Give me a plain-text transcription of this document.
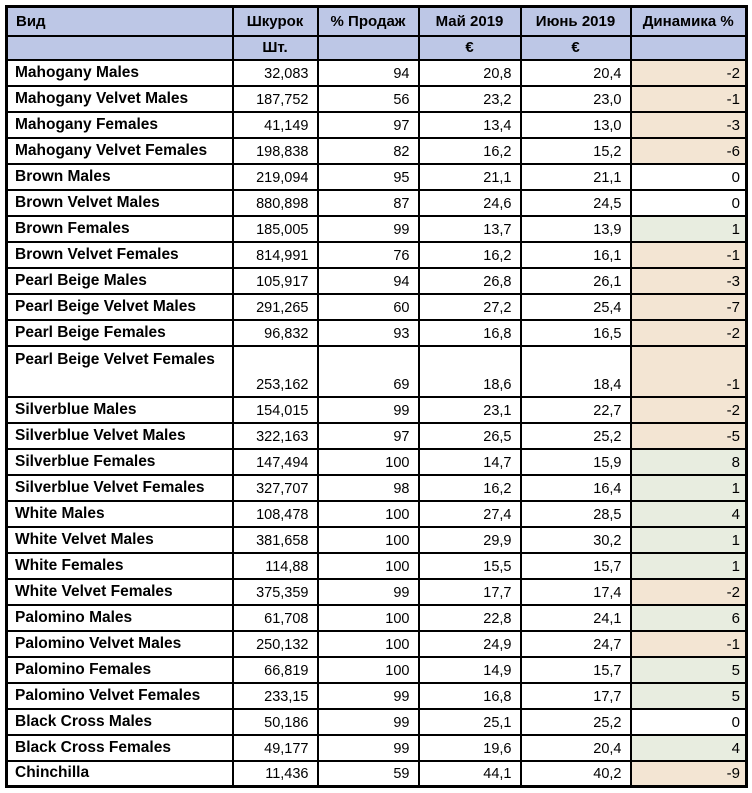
Вид	Шкурок	% Продаж	Май 2019	Июнь 2019	Динамика %
	Шт.		€	€	
Mahogany Males	32,083	94	20,8	20,4	-2
Mahogany Velvet Males	187,752	56	23,2	23,0	-1
Mahogany Females	41,149	97	13,4	13,0	-3
Mahogany Velvet Females	198,838	82	16,2	15,2	-6
Brown Males	219,094	95	21,1	21,1	0
Brown Velvet Males	880,898	87	24,6	24,5	0
Brown Females	185,005	99	13,7	13,9	1
Brown Velvet Females	814,991	76	16,2	16,1	-1
Pearl Beige Males	105,917	94	26,8	26,1	-3
Pearl Beige Velvet Males	291,265	60	27,2	25,4	-7
Pearl Beige Females	96,832	93	16,8	16,5	-2
Pearl Beige Velvet Females	253,162	69	18,6	18,4	-1
Silverblue Males	154,015	99	23,1	22,7	-2
Silverblue Velvet Males	322,163	97	26,5	25,2	-5
Silverblue Females	147,494	100	14,7	15,9	8
Silverblue Velvet Females	327,707	98	16,2	16,4	1
White Males	108,478	100	27,4	28,5	4
White Velvet Males	381,658	100	29,9	30,2	1
White Females	114,88	100	15,5	15,7	1
White Velvet Females	375,359	99	17,7	17,4	-2
Palomino Males	61,708	100	22,8	24,1	6
Palomino Velvet Males	250,132	100	24,9	24,7	-1
Palomino Females	66,819	100	14,9	15,7	5
Palomino Velvet Females	233,15	99	16,8	17,7	5
Black Cross Males	50,186	99	25,1	25,2	0
Black Cross Females	49,177	99	19,6	20,4	4
Chinchilla	11,436	59	44,1	40,2	-9
